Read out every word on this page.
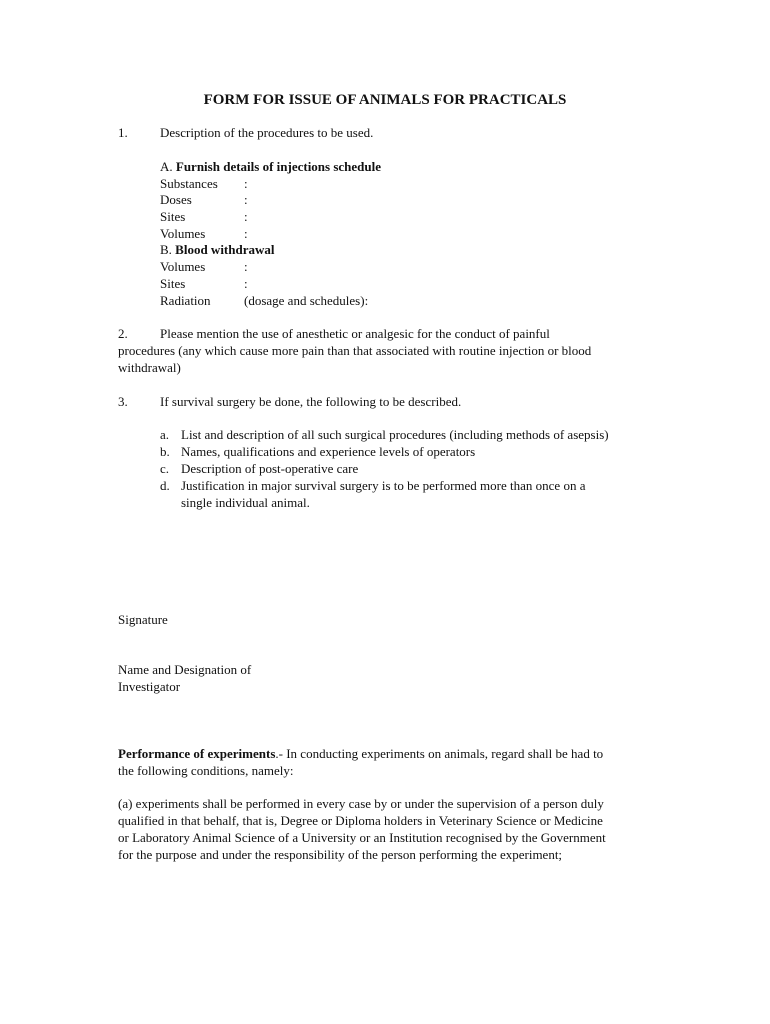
FORM FOR ISSUE OF ANIMALS FOR PRACTICALS
1. Description of the procedures to be used.
A. Furnish details of injections schedule
Substances :
Doses	:
Sites	:
Volumes	:
B. Blood withdrawal
Volumes	:
Sites	:
Radiation	(dosage and schedules):
2. Please mention the use of anesthetic or analgesic for the conduct of painful
procedures (any which cause more pain than that associated with routine injection or blood
withdrawal)
3. If survival surgery be done, the following to be described.
a. List and description of all such surgical procedures (including methods of asepsis)
b. Names, qualifications and experience levels of operators
c. Description of post-operative care
d. Justification in major survival surgery is to be performed more than once on a
single individual animal.
Signature
Name and Designation of
Investigator
Performance of experiments.- In conducting experiments on animals, regard shall be had to
the following conditions, namely:
(a) experiments shall be performed in every case by or under the supervision of a person duly
qualified in that behalf, that is, Degree or Diploma holders in Veterinary Science or Medicine
or Laboratory Animal Science of a University or an Institution recognised by the Government
for the purpose and under the responsibility of the person performing the experiment;
